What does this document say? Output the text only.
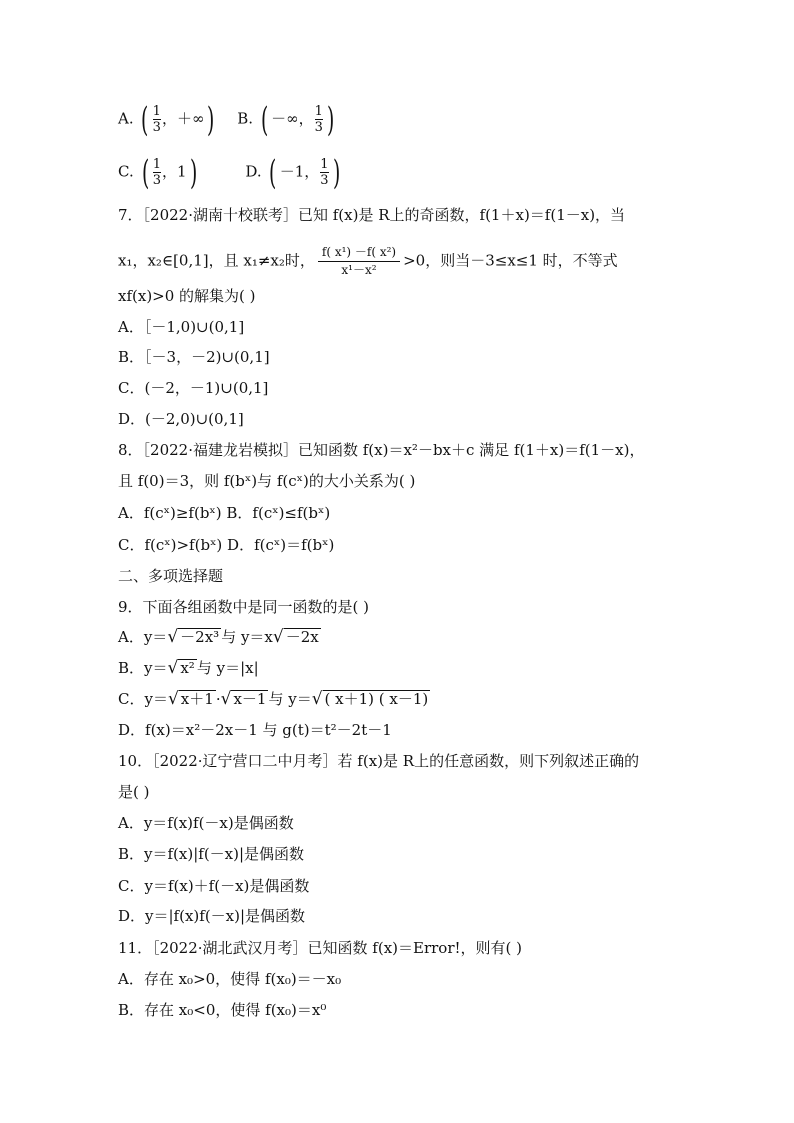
A. ( $\frac{1}{3}$ ，＋∞) B. ( －∞， $\frac{1}{3}$ )
C. ( $\frac{1}{3}$ ，1)	D. ( －1， $\frac{1}{3}$ )
7．［2022·湖南十校联考］已知 f(x)是 R上的奇函数，f(1＋x)＝f(1－x)，当
x₁，x₂∈[0,1]，且 x₁≠x₂时， $\frac{\text{f( x¹) －f( x²)}}{\text{x¹－x²}} >0$，则当－3≤x≤1 时，不等式
xf(x)>0 的解集为( )
A．［－1,0)∪(0,1]
B．［－3，－2)∪(0,1]
C．(－2，－1)∪(0,1]
D．(－2,0)∪(0,1]
8．［2022·福建龙岩模拟］已知函数 f(x)＝x²－bx＋c 满足 f(1＋x)＝f(1－x)，
且 f(0)＝3，则 f(bˣ)与 f(cˣ)的大小关系为( )
A．f(cˣ)≥f(bˣ) B．f(cˣ)≤f(bˣ)
C．f(cˣ)>f(bˣ) D．f(cˣ)＝f(bˣ)
二、多项选择题
9．下面各组函数中是同一函数的是( )
A．y＝√ －2x³ 与 y＝x√ －2x
B．y＝√ x² 与 y＝|x|
C．y＝√ x＋1 ·√ x－1 与 y＝√ ( x＋1) ( x－1)
D．f(x)＝x²－2x－1 与 g(t)＝t²－2t－1
10．［2022·辽宁营口二中月考］若 f(x)是 R上的任意函数，则下列叙述正确的
是( )
A．y＝f(x)f(－x)是偶函数
B．y＝f(x)|f(－x)|是偶函数
C．y＝f(x)＋f(－x)是偶函数
D．y＝|f(x)f(－x)|是偶函数
11．［2022·湖北武汉月考］已知函数 f(x)＝Error!，则有( )
A．存在 x₀>0，使得 f(x₀)＝－x₀
B．存在 x₀<0，使得 f(x₀)＝x⁰
